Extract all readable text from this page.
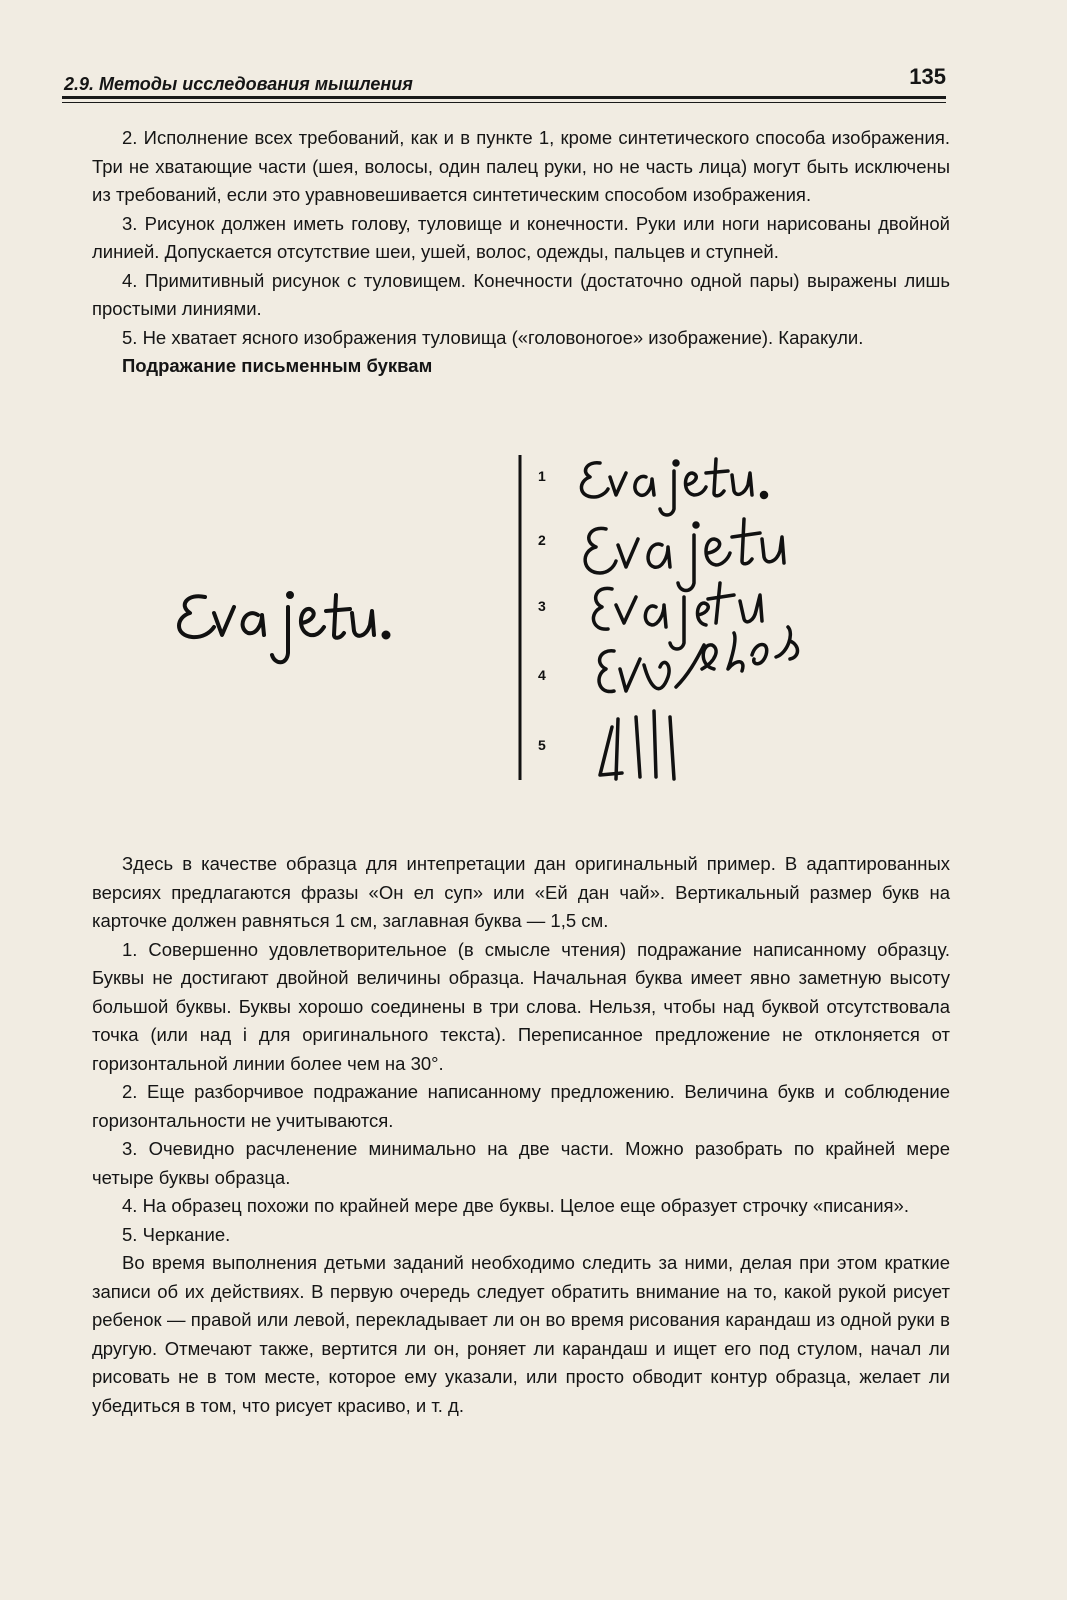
2.9. Методы исследования мышления	135

2. Исполнение всех требований, как и в пункте 1, кроме синтетического способа изображения. Три не хватающие части (шея, волосы, один палец руки, но не часть лица) могут быть исключены из требований, если это уравновешивается синтетическим способом изображения.

3. Рисунок должен иметь голову, туловище и конечности. Руки или ноги нарисованы двойной линией. Допускается отсутствие шеи, ушей, волос, одежды, пальцев и ступней.

4. Примитивный рисунок с туловищем. Конечности (достаточно одной пары) выражены лишь простыми линиями.

5. Не хватает ясного изображения туловища («головоногое» изображение). Каракули.

Подражание письменным буквам

1
2
3
4
5

Здесь в качестве образца для интепретации дан оригинальный пример. В адаптированных версиях предлагаются фразы «Он ел суп» или «Ей дан чай». Вертикальный размер букв на карточке должен равняться 1 см, заглавная буква — 1,5 см.

1. Совершенно удовлетворительное (в смысле чтения) подражание написанному образцу. Буквы не достигают двойной величины образца. Начальная буква имеет явно заметную высоту большой буквы. Буквы хорошо соединены в три слова. Нельзя, чтобы над буквой отсутствовала точка (или над i для оригинального текста). Переписанное предложение не отклоняется от горизонтальной линии более чем на 30°.

2. Еще разборчивое подражание написанному предложению. Величина букв и соблюдение горизонтальности не учитываются.

3. Очевидно расчленение минимально на две части. Можно разобрать по крайней мере четыре буквы образца.

4. На образец похожи по крайней мере две буквы. Целое еще образует строчку «писания».

5. Черкание.

Во время выполнения детьми заданий необходимо следить за ними, делая при этом краткие записи об их действиях. В первую очередь следует обратить внимание на то, какой рукой рисует ребенок — правой или левой, перекладывает ли он во время рисования карандаш из одной руки в другую. Отмечают также, вертится ли он, роняет ли карандаш и ищет его под стулом, начал ли рисовать не в том месте, которое ему указали, или просто обводит контур образца, желает ли убедиться в том, что рисует красиво, и т. д.
